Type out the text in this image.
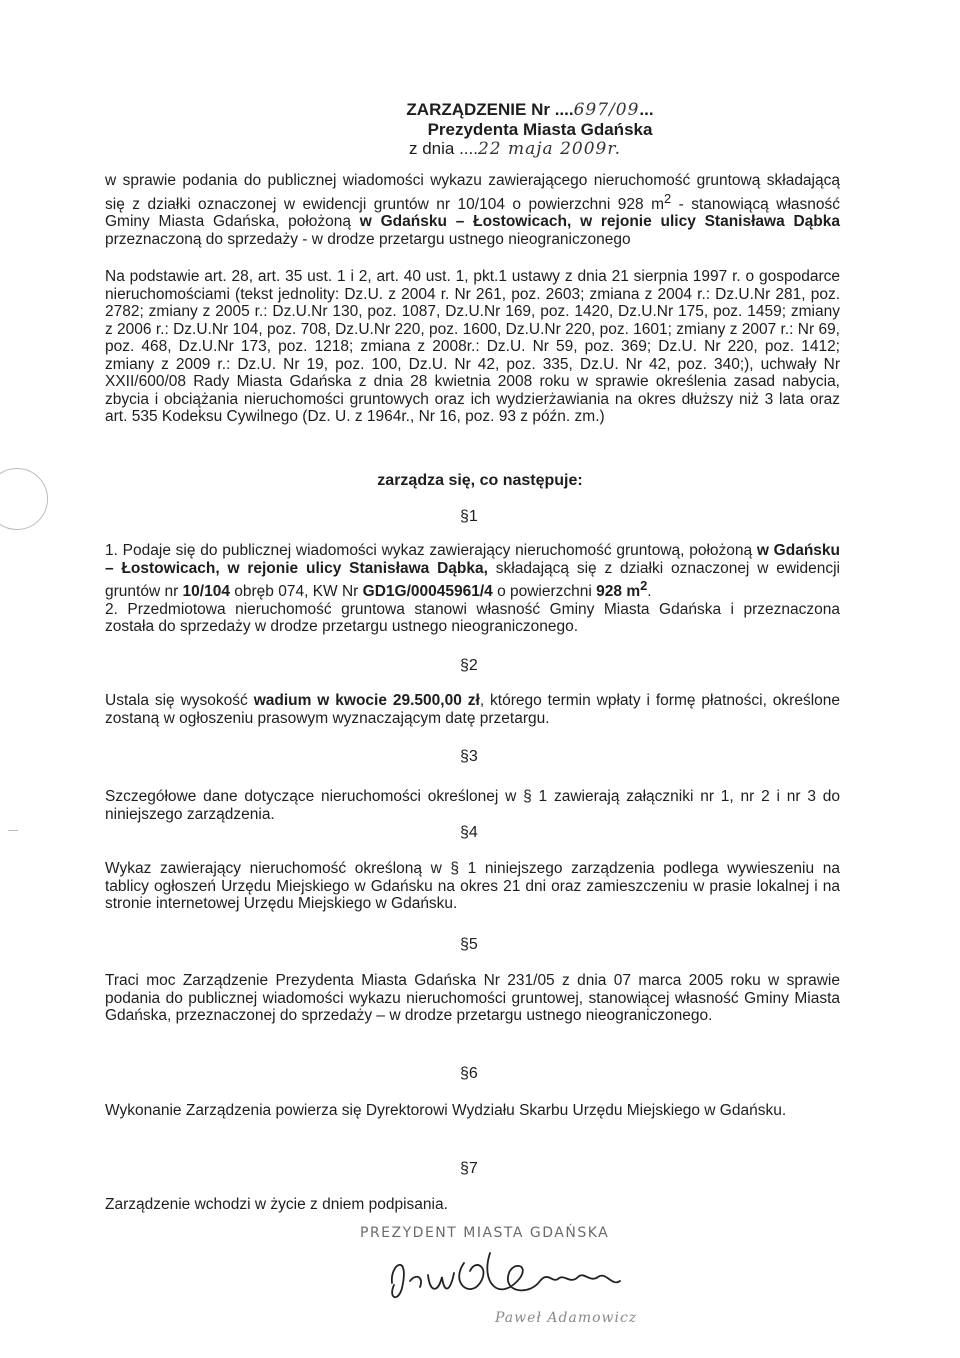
ZARZĄDZENIE Nr ....697/09...
Prezydenta Miasta Gdańska
z dnia ....22 maja 2009r.

w sprawie podania do publicznej wiadomości wykazu zawierającego nieruchomość gruntową składającą się z działki oznaczonej w ewidencji gruntów nr 10/104 o powierzchni 928 $m^2$ - stanowiącą własność Gminy Miasta Gdańska, położoną w Gdańsku – Łostowicach, w rejonie ulicy Stanisława Dąbka przeznaczoną do sprzedaży - w drodze przetargu ustnego nieograniczonego

Na podstawie art. 28, art. 35 ust. 1 i 2, art. 40 ust. 1, pkt.1 ustawy z dnia 21 sierpnia 1997 r. o gospodarce nieruchomościami (tekst jednolity: Dz.U. z 2004 r. Nr 261, poz. 2603; zmiana z 2004 r.: Dz.U.Nr 281, poz. 2782; zmiany z 2005 r.: Dz.U.Nr 130, poz. 1087, Dz.U.Nr 169, poz. 1420, Dz.U.Nr 175, poz. 1459; zmiany z 2006 r.: Dz.U.Nr 104, poz. 708, Dz.U.Nr 220, poz. 1600, Dz.U.Nr 220, poz. 1601; zmiany z 2007 r.: Nr 69, poz. 468, Dz.U.Nr 173, poz. 1218; zmiana z 2008r.: Dz.U. Nr 59, poz. 369; Dz.U. Nr 220, poz. 1412; zmiany z 2009 r.: Dz.U. Nr 19, poz. 100, Dz.U. Nr 42, poz. 335, Dz.U. Nr 42, poz. 340;), uchwały Nr XXII/600/08 Rady Miasta Gdańska z dnia 28 kwietnia 2008 roku w sprawie określenia zasad nabycia, zbycia i obciążania nieruchomości gruntowych oraz ich wydzierżawiania na okres dłuższy niż 3 lata oraz art. 535 Kodeksu Cywilnego (Dz. U. z 1964r., Nr 16, poz. 93 z późn. zm.)

zarządza się, co następuje:
§1

1. Podaje się do publicznej wiadomości wykaz zawierający nieruchomość gruntową, położoną w Gdańsku – Łostowicach, w rejonie ulicy Stanisława Dąbka, składającą się z działki oznaczonej w ewidencji gruntów nr 10/104 obręb 074, KW Nr GD1G/00045961/4 o powierzchni 928 $m^2$.

2. Przedmiotowa nieruchomość gruntowa stanowi własność Gminy Miasta Gdańska i przeznaczona została do sprzedaży w drodze przetargu ustnego nieograniczonego.

§2

Ustala się wysokość wadium w kwocie 29.500,00 zł, którego termin wpłaty i formę płatności, określone zostaną w ogłoszeniu prasowym wyznaczającym datę przetargu.

§3

Szczegółowe dane dotyczące nieruchomości określonej w § 1 zawierają załączniki nr 1, nr 2 i nr 3 do niniejszego zarządzenia.

§4

Wykaz zawierający nieruchomość określoną w § 1 niniejszego zarządzenia podlega wywieszeniu na tablicy ogłoszeń Urzędu Miejskiego w Gdańsku na okres 21 dni oraz zamieszczeniu w prasie lokalnej i na stronie internetowej Urzędu Miejskiego w Gdańsku.

§5

Traci moc Zarządzenie Prezydenta Miasta Gdańska Nr 231/05 z dnia 07 marca 2005 roku w sprawie podania do publicznej wiadomości wykazu nieruchomości gruntowej, stanowiącej własność Gminy Miasta Gdańska, przeznaczonej do sprzedaży – w drodze przetargu ustnego nieograniczonego.

§6

Wykonanie Zarządzenia powierza się Dyrektorowi Wydziału Skarbu Urzędu Miejskiego w Gdańsku.

§7

Zarządzenie wchodzi w życie z dniem podpisania.

PREZYDENT MIASTA GDAŃSKA
Paweł Adamowicz
